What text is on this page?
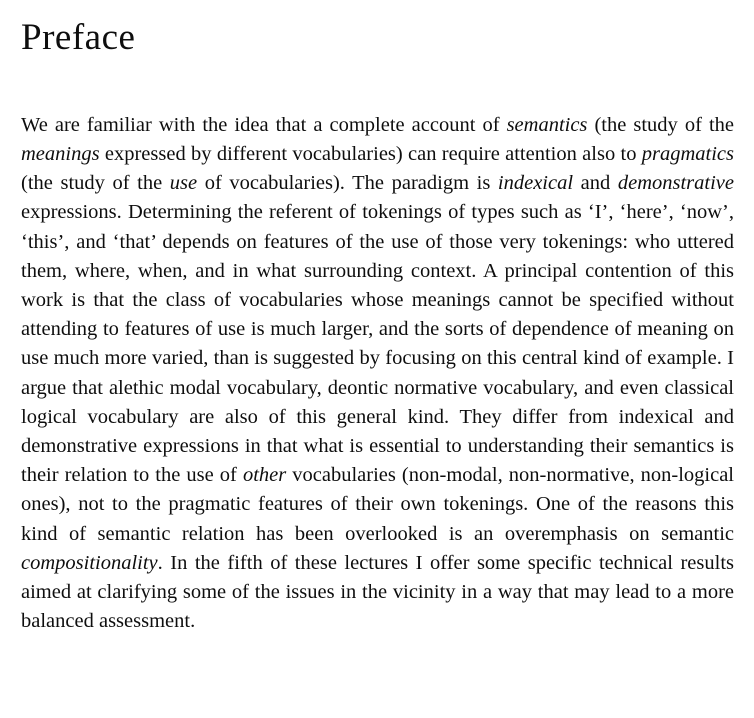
Preface

We are familiar with the idea that a complete account of semantics (the study of the meanings expressed by different vocabularies) can require attention also to pragmatics (the study of the use of vocabularies). The paradigm is indexical and demonstrative expressions. Determining the referent of tokenings of types such as ‘I’, ‘here’, ‘now’, ‘this’, and ‘that’ depends on features of the use of those very tokenings: who uttered them, where, when, and in what surrounding context. A principal contention of this work is that the class of vocabularies whose meanings cannot be specified without attending to features of use is much larger, and the sorts of dependence of meaning on use much more varied, than is suggested by focusing on this central kind of example. I argue that alethic modal vocabulary, deontic normative vocabulary, and even classical logical vocabulary are also of this general kind. They differ from indexical and demonstrative expressions in that what is essential to understanding their semantics is their relation to the use of other vocabularies (non-modal, non-normative, non-logical ones), not to the pragmatic features of their own tokenings. One of the reasons this kind of semantic relation has been overlooked is an overemphasis on semantic compositionality. In the fifth of these lectures I offer some specific technical results aimed at clarifying some of the issues in the vicinity in a way that may lead to a more balanced assessment.
